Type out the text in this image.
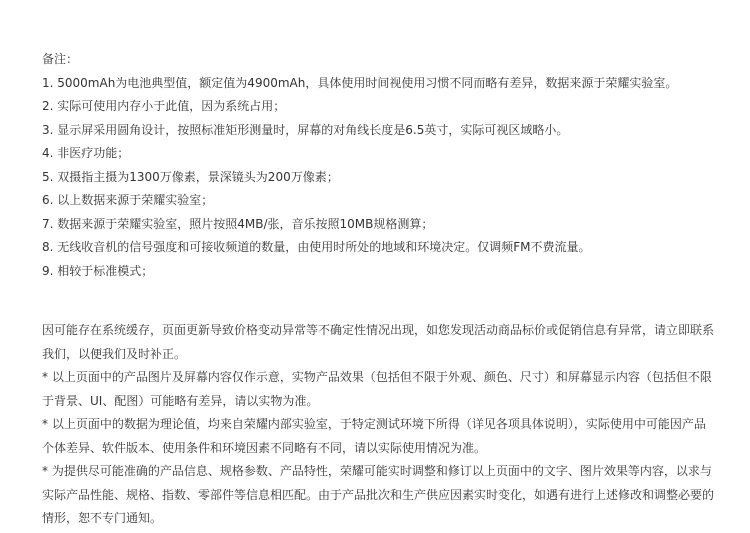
备注：
1. 5000mAh为电池典型值，额定值为4900mAh，具体使用时间视使用习惯不同而略有差异，数据来源于荣耀实验室。
2. 实际可使用内存小于此值，因为系统占用；
3. 显示屏采用圆角设计，按照标准矩形测量时，屏幕的对角线长度是6.5英寸，实际可视区域略小。
4. 非医疗功能；
5. 双摄指主摄为1300万像素，景深镜头为200万像素；
6. 以上数据来源于荣耀实验室；
7. 数据来源于荣耀实验室，照片按照4MB/张，音乐按照10MB规格测算；
8. 无线收音机的信号强度和可接收频道的数量，由使用时所处的地域和环境决定。仅调频FM不费流量。
9. 相较于标准模式；

因可能存在系统缓存，页面更新导致价格变动异常等不确定性情况出现，如您发现活动商品标价或促销信息有异常，请立即联系我们，以便我们及时补正。

* 以上页面中的产品图片及屏幕内容仅作示意，实物产品效果（包括但不限于外观、颜色、尺寸）和屏幕显示内容（包括但不限于背景、UI、配图）可能略有差异，请以实物为准。

* 以上页面中的数据为理论值，均来自荣耀内部实验室，于特定测试环境下所得（详见各项具体说明），实际使用中可能因产品个体差异、软件版本、使用条件和环境因素不同略有不同，请以实际使用情况为准。

* 为提供尽可能准确的产品信息、规格参数、产品特性，荣耀可能实时调整和修订以上页面中的文字、图片效果等内容，以求与实际产品性能、规格、指数、零部件等信息相匹配。由于产品批次和生产供应因素实时变化，如遇有进行上述修改和调整必要的情形，恕不专门通知。
